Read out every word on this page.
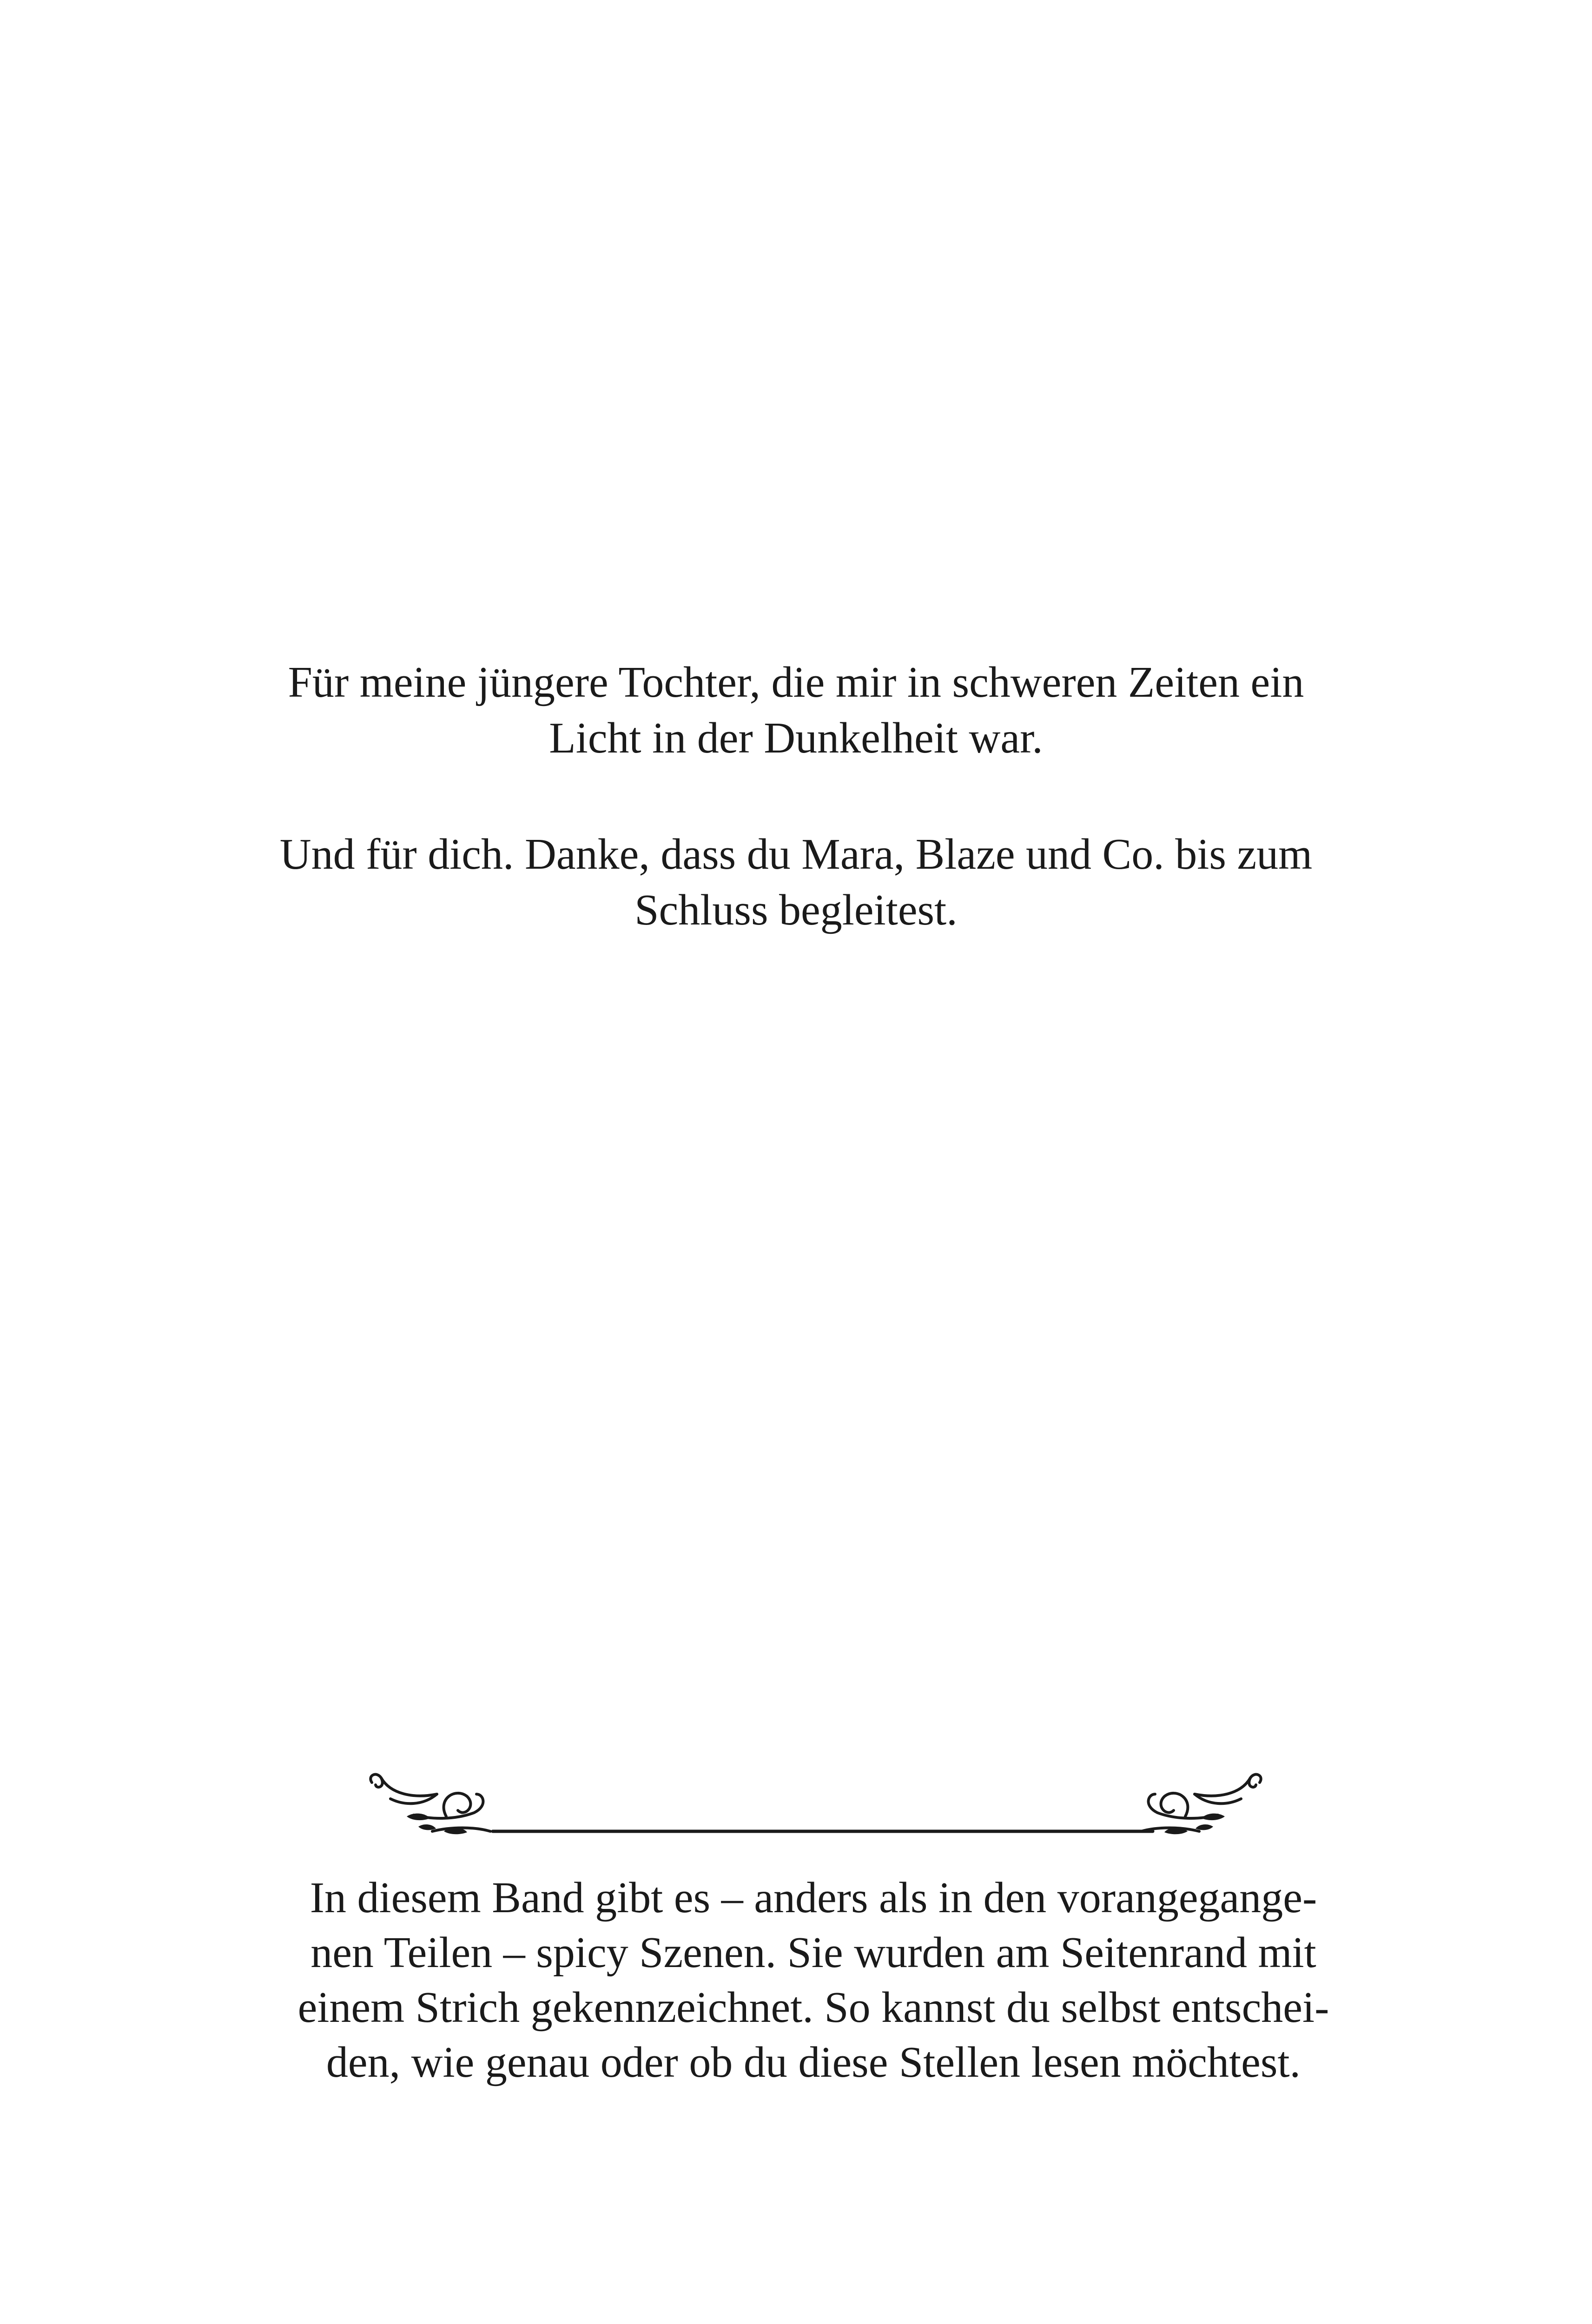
Für meine jüngere Tochter, die mir in schweren Zeiten ein

Licht in der Dunkelheit war.

Und für dich. Danke, dass du Mara, Blaze und Co. bis zum

Schluss begleitest.

In diesem Band gibt es – anders als in den vorangegange-
nen Teilen – spicy Szenen. Sie wurden am Seitenrand mit
einem Strich gekennzeichnet. So kannst du selbst entschei-
den, wie genau oder ob du diese Stellen lesen möchtest.
